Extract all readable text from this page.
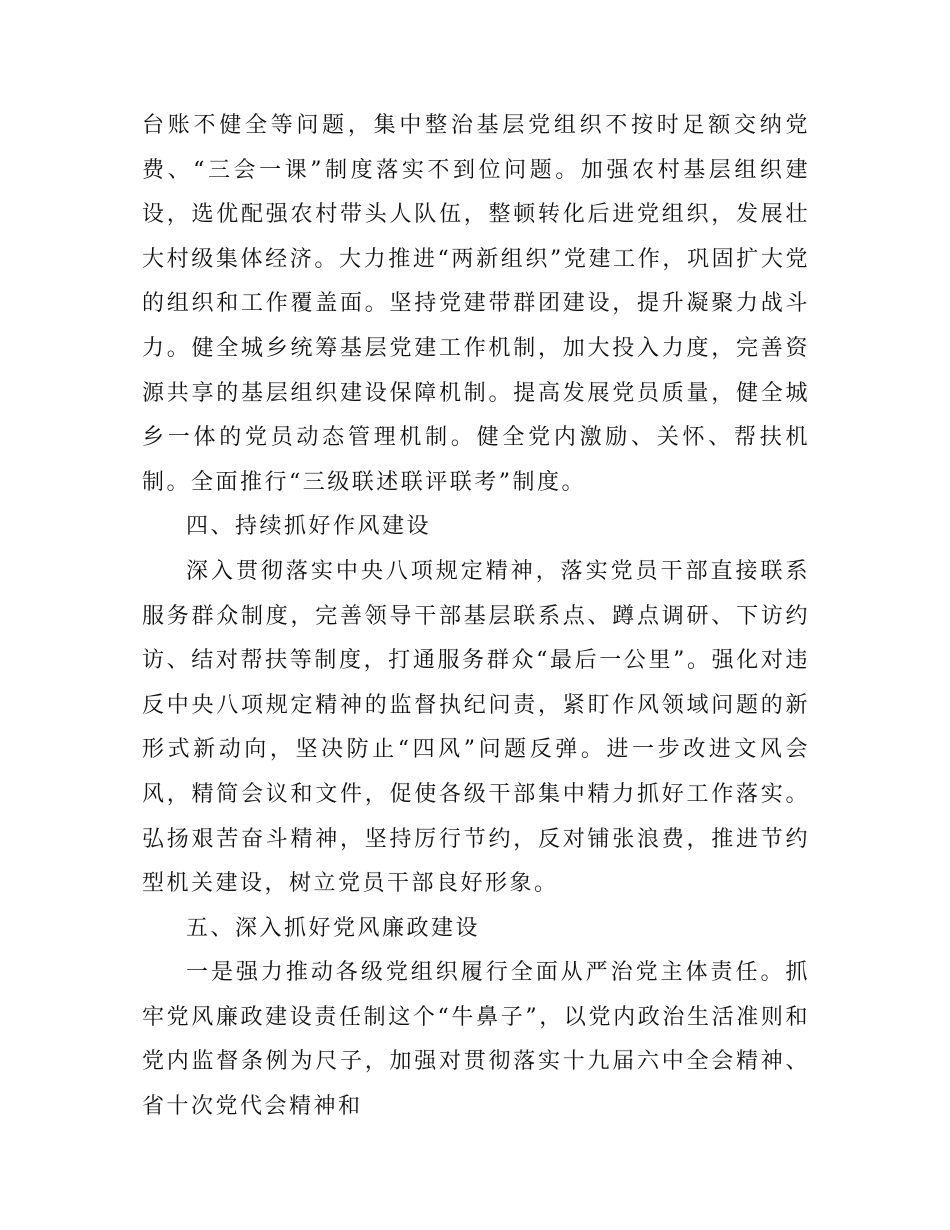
台账不健全等问题，集中整治基层党组织不按时足额交纳党费、“三会一课”制度落实不到位问题。加强农村基层组织建设，选优配强农村带头人队伍，整顿转化后进党组织，发展壮大村级集体经济。大力推进“两新组织”党建工作，巩固扩大党的组织和工作覆盖面。坚持党建带群团建设，提升凝聚力战斗力。健全城乡统筹基层党建工作机制，加大投入力度，完善资源共享的基层组织建设保障机制。提高发展党员质量，健全城乡一体的党员动态管理机制。健全党内激励、关怀、帮扶机制。全面推行“三级联述联评联考”制度。

四、持续抓好作风建设

深入贯彻落实中央八项规定精神，落实党员干部直接联系服务群众制度，完善领导干部基层联系点、蹲点调研、下访约访、结对帮扶等制度，打通服务群众“最后一公里”。强化对违反中央八项规定精神的监督执纪问责，紧盯作风领域问题的新形式新动向，坚决防止“四风”问题反弹。进一步改进文风会风，精简会议和文件，促使各级干部集中精力抓好工作落实。弘扬艰苦奋斗精神，坚持厉行节约，反对铺张浪费，推进节约型机关建设，树立党员干部良好形象。

五、深入抓好党风廉政建设

一是强力推动各级党组织履行全面从严治党主体责任。抓牢党风廉政建设责任制这个“牛鼻子”，以党内政治生活准则和党内监督条例为尺子，加强对贯彻落实十九届六中全会精神、省十次党代会精神和
